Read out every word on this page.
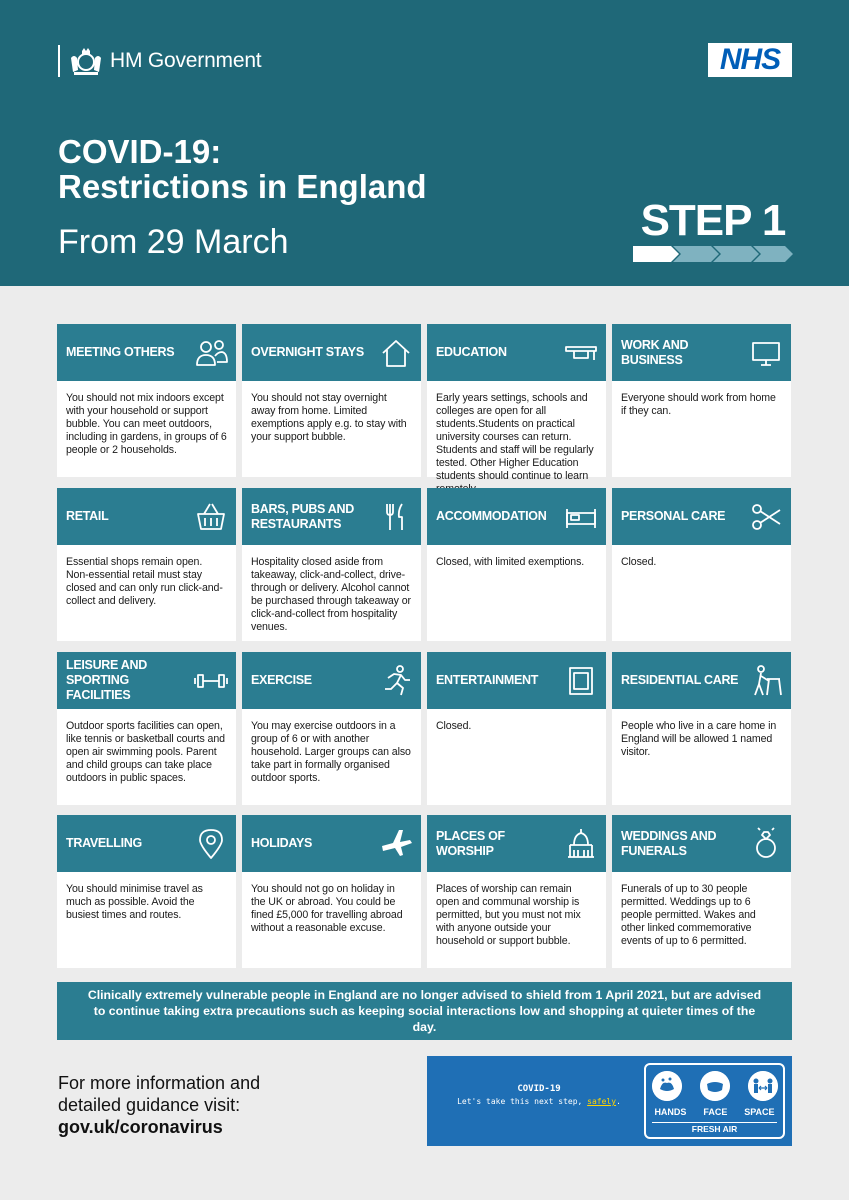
HM Government	NHS
COVID-19:
Restrictions in England
From 29 March	STEP 1
MEETING OTHERS
You should not mix indoors except with your household or support bubble. You can meet outdoors, including in gardens, in groups of 6 people or 2 households.
OVERNIGHT STAYS
You should not stay overnight away from home. Limited exemptions apply e.g. to stay with your support bubble.
EDUCATION
Early years settings, schools and colleges are open for all students.Students on practical university courses can return. Students and staff will be regularly tested. Other Higher Education students should continue to learn
WORK AND BUSINESS
Everyone should work from home if they can.
RETAIL
Essential shops remain open. Non-essential retail must stay closed and can only run click-and-collect and delivery.
BARS, PUBS AND RESTAURANTS
Hospitality closed aside from takeaway, click-and-collect, drive-through or delivery. Alcohol cannot be purchased through takeaway or click-and-collect from hospitality venues.
ACCOMMODATION
Closed, with limited exemptions.
PERSONAL CARE
Closed.
LEISURE AND SPORTING FACILITIES
Outdoor sports facilities can open, like tennis or basketball courts and open air swimming pools. Parent and child groups can take place outdoors in public spaces.
EXERCISE
You may exercise outdoors in a group of 6 or with another household. Larger groups can also take part in formally organised outdoor sports.
ENTERTAINMENT
Closed.
RESIDENTIAL CARE
People who live in a care home in England will be allowed 1 named visitor.
TRAVELLING
You should minimise travel as much as possible. Avoid the busiest times and routes.
HOLIDAYS
You should not go on holiday in the UK or abroad. You could be fined £5,000 for travelling abroad without a reasonable excuse.
PLACES OF WORSHIP
Places of worship can remain open and communal worship is permitted, but you must not mix with anyone outside your household or support bubble.
WEDDINGS AND FUNERALS
Funerals of up to 30 people permitted. Weddings up to 6 people permitted. Wakes and other linked commemorative events of up to 6 permitted.
Clinically extremely vulnerable people in England are no longer advised to shield from 1 April 2021, but are advised to continue taking extra precautions such as keeping social interactions low and shopping at quieter times of the day.
For more information and
detailed guidance visit:
gov.uk/coronavirus
COVID-19
Let's take this next step, safely.
HANDS FACE SPACE
FRESH AIR
